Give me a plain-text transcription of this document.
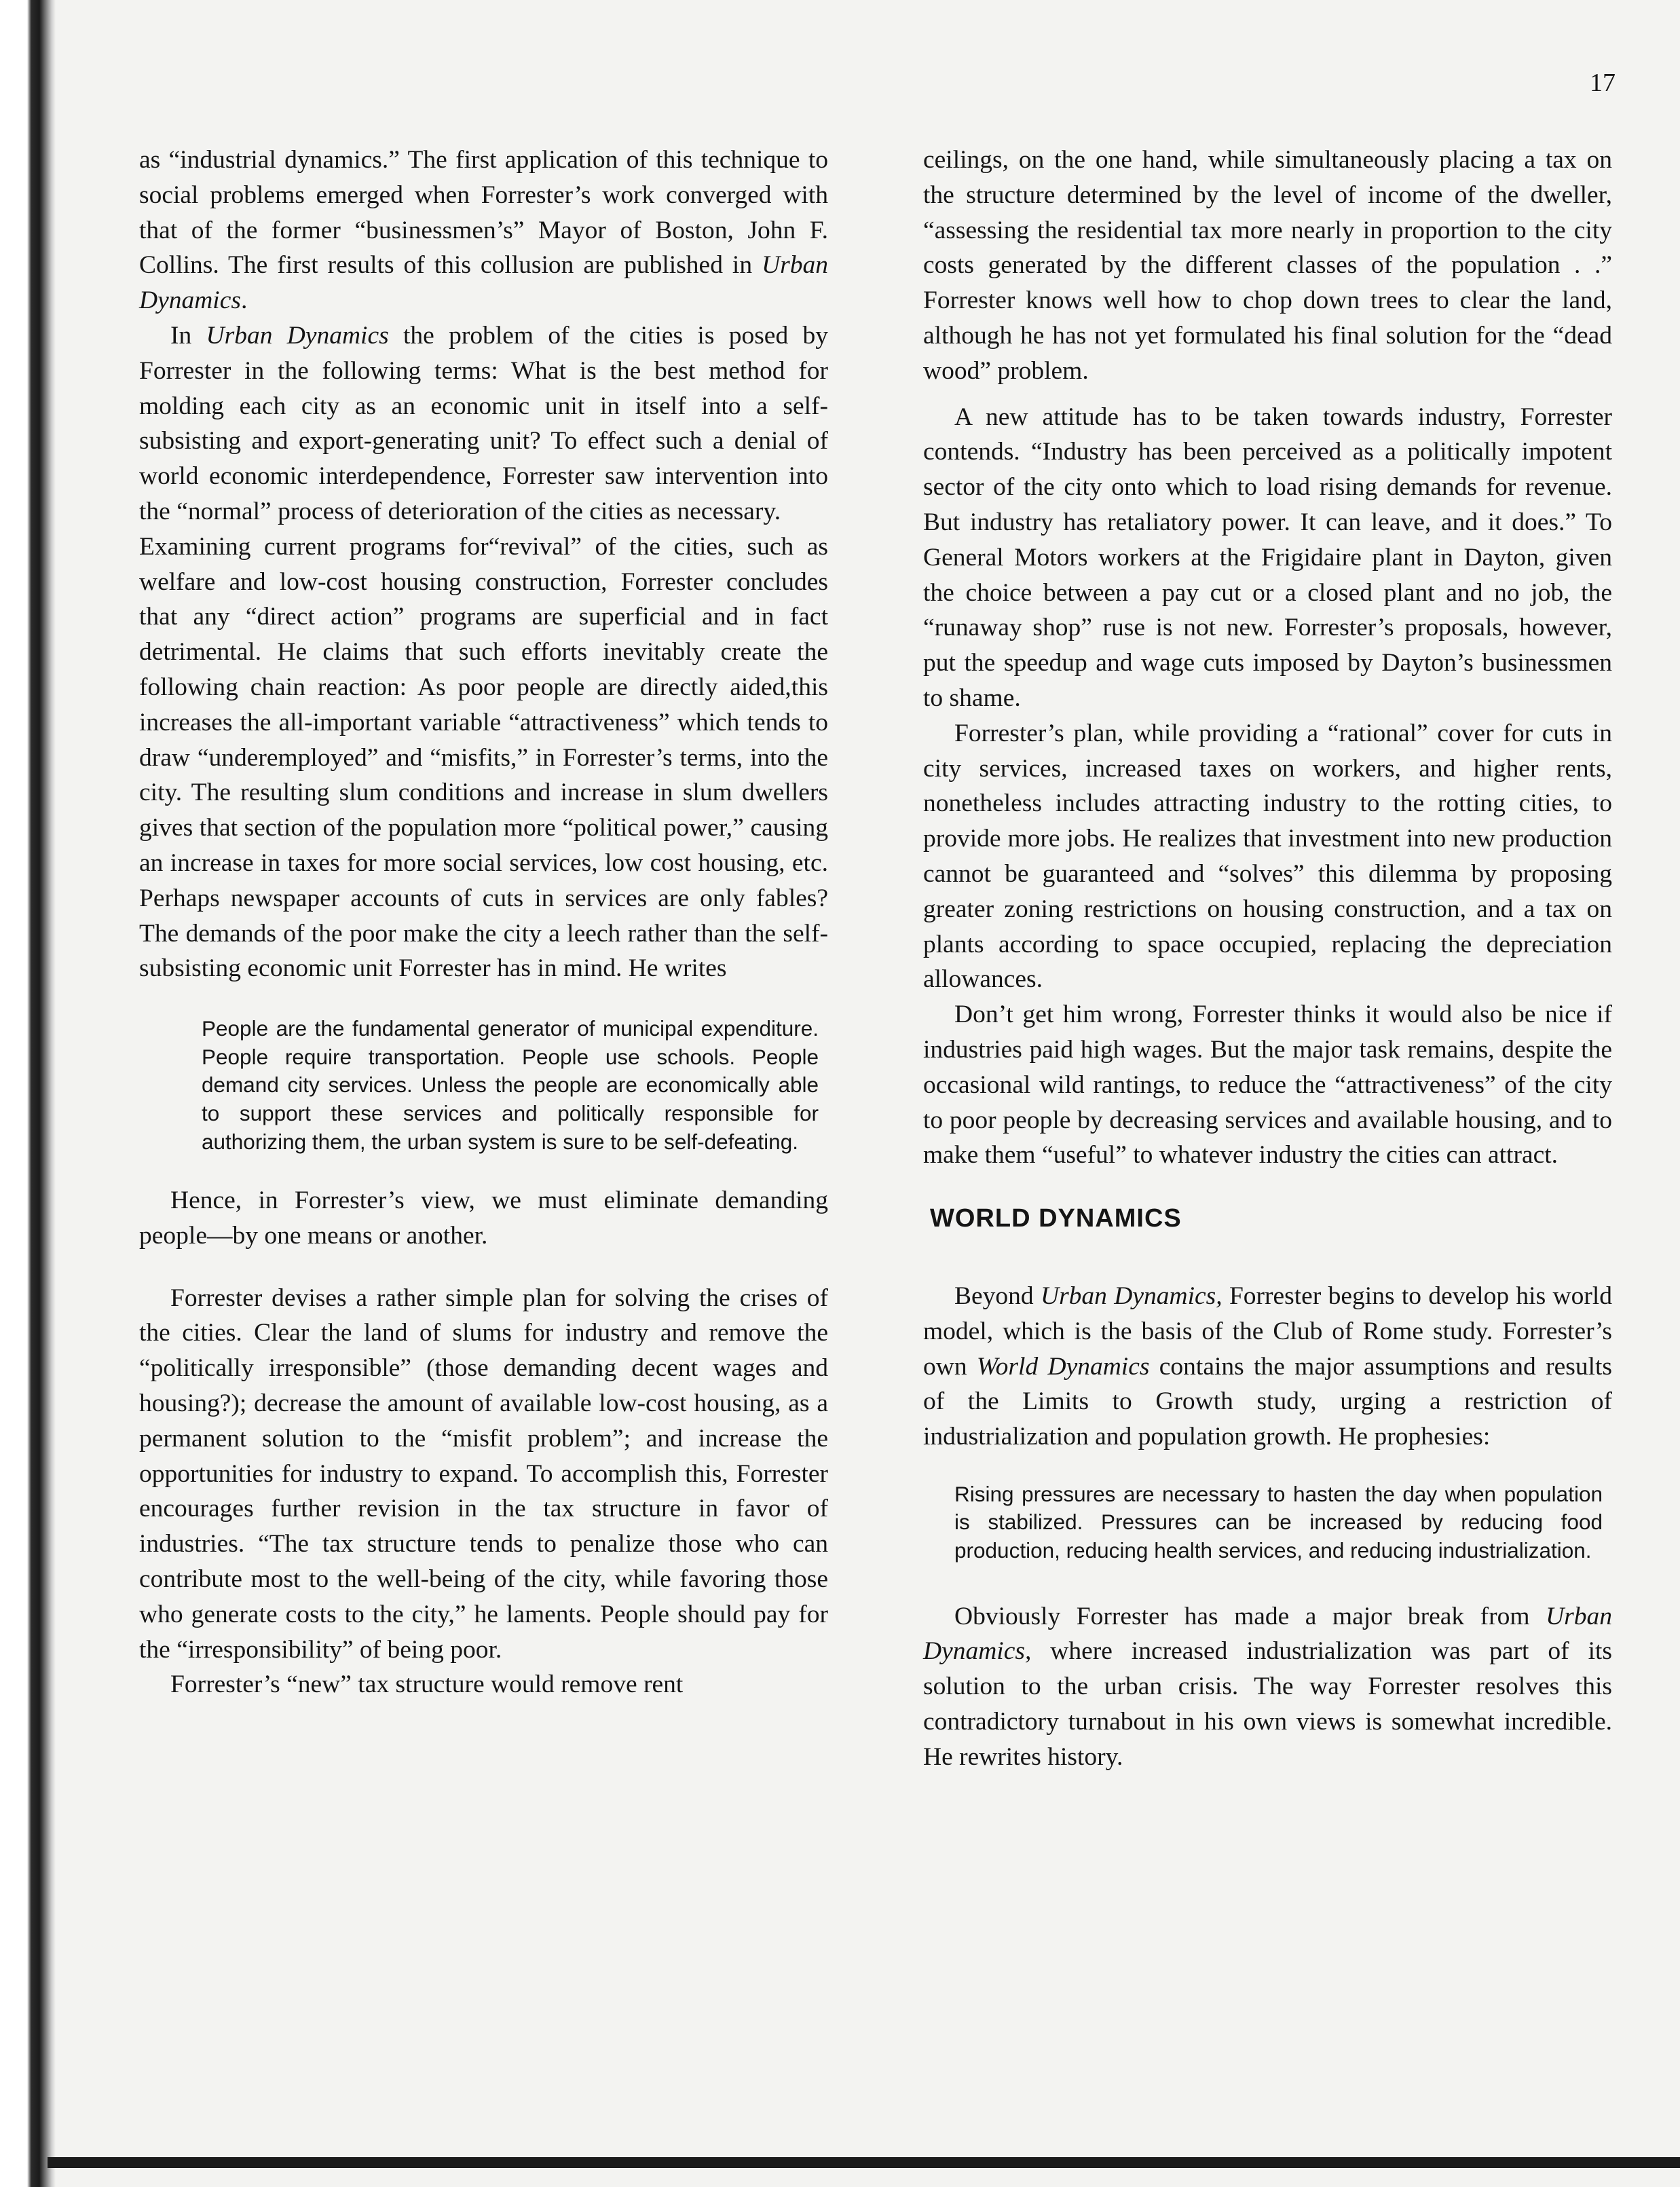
17

as “industrial dynamics.” The first application of this technique to social problems emerged when Forrester’s work converged with that of the former “businessmen’s” Mayor of Boston, John F. Collins. The first results of this collusion are published in Urban Dynamics.

In Urban Dynamics the problem of the cities is posed by Forrester in the following terms: What is the best method for molding each city as an economic unit in itself into a self-subsisting and export-generating unit? To effect such a denial of world economic interdependence, Forrester saw intervention into the “normal” process of deterioration of the cities as necessary.

Examining current programs for“revival” of the cities, such as welfare and low-cost housing construction, Forrester concludes that any “direct action” programs are superficial and in fact detrimental. He claims that such efforts inevitably create the following chain reaction: As poor people are directly aided,this increases the all-important variable “attractiveness” which tends to draw “underemployed” and “misfits,” in Forrester’s terms, into the city. The resulting slum conditions and increase in slum dwellers gives that section of the population more “political power,” causing an increase in taxes for more social services, low cost housing, etc. Perhaps newspaper accounts of cuts in services are only fables? The demands of the poor make the city a leech rather than the self-subsisting economic unit Forrester has in mind. He writes

People are the fundamental generator of municipal expenditure. People require transportation. People use schools. People demand city services. Unless the people are economically able to support these services and politically responsible for authorizing them, the urban system is sure to be self-defeating.

Hence, in Forrester’s view, we must eliminate demanding people—by one means or another.

Forrester devises a rather simple plan for solving the crises of the cities. Clear the land of slums for industry and remove the “politically irresponsible” (those demanding decent wages and housing?); decrease the amount of available low-cost housing, as a permanent solution to the “misfit problem”; and increase the opportunities for industry to expand. To accomplish this, Forrester encourages further revision in the tax structure in favor of industries. “The tax structure tends to penalize those who can contribute most to the well-being of the city, while favoring those who generate costs to the city,” he laments. People should pay for the “irresponsibility” of being poor.

Forrester’s “new” tax structure would remove rent

ceilings, on the one hand, while simultaneously placing a tax on the structure determined by the level of income of the dweller, “assessing the residential tax more nearly in proportion to the city costs generated by the different classes of the population . .” Forrester knows well how to chop down trees to clear the land, although he has not yet formulated his final solution for the “dead wood” problem.

A new attitude has to be taken towards industry, Forrester contends. “Industry has been perceived as a politically impotent sector of the city onto which to load rising demands for revenue. But industry has retaliatory power. It can leave, and it does.” To General Motors workers at the Frigidaire plant in Dayton, given the choice between a pay cut or a closed plant and no job, the “runaway shop” ruse is not new. Forrester’s proposals, however, put the speedup and wage cuts imposed by Dayton’s businessmen to shame.

Forrester’s plan, while providing a “rational” cover for cuts in city services, increased taxes on workers, and higher rents, nonetheless includes attracting industry to the rotting cities, to provide more jobs. He realizes that investment into new production cannot be guaranteed and “solves” this dilemma by proposing greater zoning restrictions on housing construction, and a tax on plants according to space occupied, replacing the depreciation allowances.

Don’t get him wrong, Forrester thinks it would also be nice if industries paid high wages. But the major task remains, despite the occasional wild rantings, to reduce the “attractiveness” of the city to poor people by decreasing services and available housing, and to make them “useful” to whatever industry the cities can attract.

WORLD DYNAMICS

Beyond Urban Dynamics, Forrester begins to develop his world model, which is the basis of the Club of Rome study. Forrester’s own World Dynamics contains the major assumptions and results of the Limits to Growth study, urging a restriction of industrialization and population growth. He prophesies:

Rising pressures are necessary to hasten the day when population is stabilized. Pressures can be increased by reducing food production, reducing health services, and reducing industrialization.

Obviously Forrester has made a major break from Urban Dynamics, where increased industrialization was part of its solution to the urban crisis. The way Forrester resolves this contradictory turnabout in his own views is somewhat incredible. He rewrites history.
